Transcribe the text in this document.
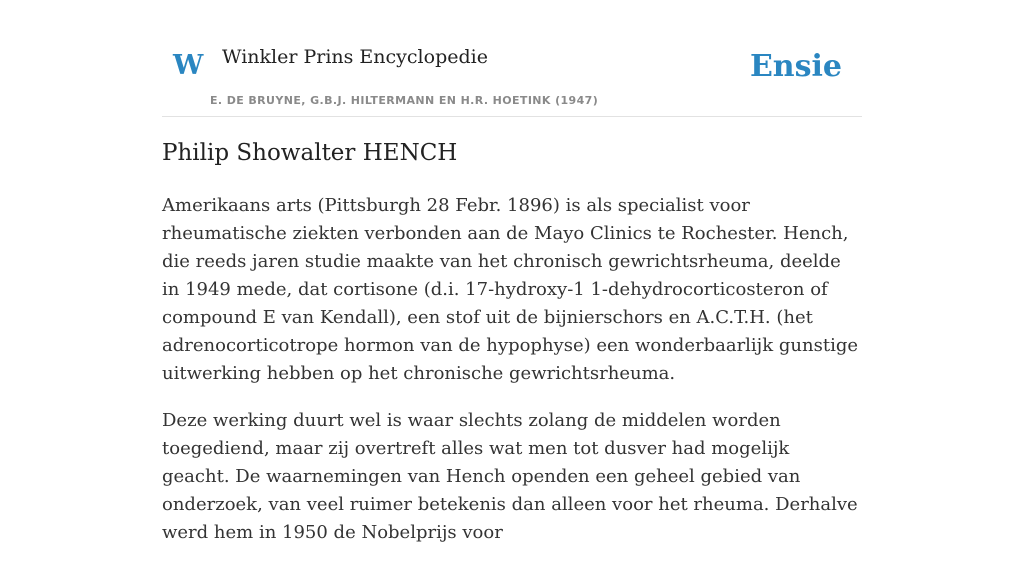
W Winkler Prins Encyclopedie
E. DE BRUYNE, G.B.J. HILTERMANN EN H.R. HOETINK (1947)
Ensie
Philip Showalter HENCH

Amerikaans arts (Pittsburgh 28 Febr. 1896) is als specialist voor rheumatische ziekten verbonden aan de Mayo Clinics te Rochester. Hench, die reeds jaren studie maakte van het chronisch gewrichtsrheuma, deelde in 1949 mede, dat cortisone (d.i. 17-hydroxy-1 1-dehydrocorticosteron of compound E van Kendall), een stof uit de bijnierschors en A.C.T.H. (het adrenocorticotrope hormon van de hypophyse) een wonderbaarlijk gunstige uitwerking hebben op het chronische gewrichtsrheuma.

Deze werking duurt wel is waar slechts zolang de middelen worden toegediend, maar zij overtreft alles wat men tot dusver had mogelijk geacht. De waarnemingen van Hench openden een geheel gebied van onderzoek, van veel ruimer betekenis dan alleen voor het rheuma. Derhalve werd hem in 1950 de Nobelprijs voor
